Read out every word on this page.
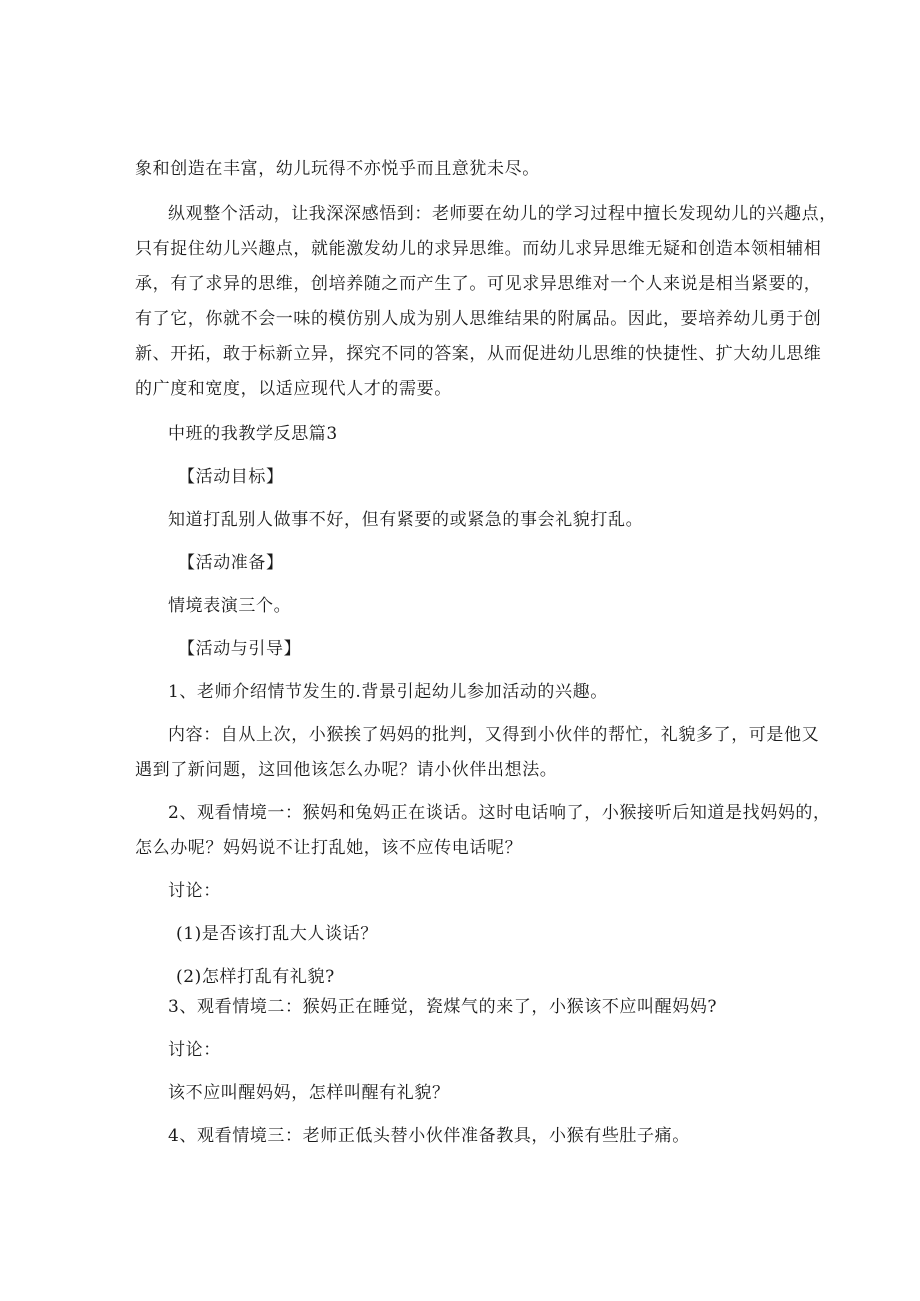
象和创造在丰富，幼儿玩得不亦悦乎而且意犹未尽。
纵观整个活动，让我深深感悟到：老师要在幼儿的学习过程中擅长发现幼儿的兴趣点，
只有捉住幼儿兴趣点，就能激发幼儿的求异思维。而幼儿求异思维无疑和创造本领相辅相
承，有了求异的思维，创培养随之而产生了。可见求异思维对一个人来说是相当紧要的，
有了它，你就不会一味的模仿别人成为别人思维结果的附属品。因此，要培养幼儿勇于创
新、开拓，敢于标新立异，探究不同的答案，从而促进幼儿思维的快捷性、扩大幼儿思维
的广度和宽度，以适应现代人才的需要。
中班的我教学反思篇3
【活动目标】
知道打乱别人做事不好，但有紧要的或紧急的事会礼貌打乱。
【活动准备】
情境表演三个。
【活动与引导】
1、老师介绍情节发生的.背景引起幼儿参加活动的兴趣。
内容：自从上次，小猴挨了妈妈的批判，又得到小伙伴的帮忙，礼貌多了，可是他又
遇到了新问题，这回他该怎么办呢？请小伙伴出想法。
2、观看情境一：猴妈和兔妈正在谈话。这时电话响了，小猴接听后知道是找妈妈的，
怎么办呢？妈妈说不让打乱她，该不应传电话呢？
讨论：
(1)是否该打乱大人谈话？
(2)怎样打乱有礼貌?
3、观看情境二：猴妈正在睡觉，瓷煤气的来了，小猴该不应叫醒妈妈?
讨论：
该不应叫醒妈妈，怎样叫醒有礼貌？
4、观看情境三：老师正低头替小伙伴准备教具，小猴有些肚子痛。
